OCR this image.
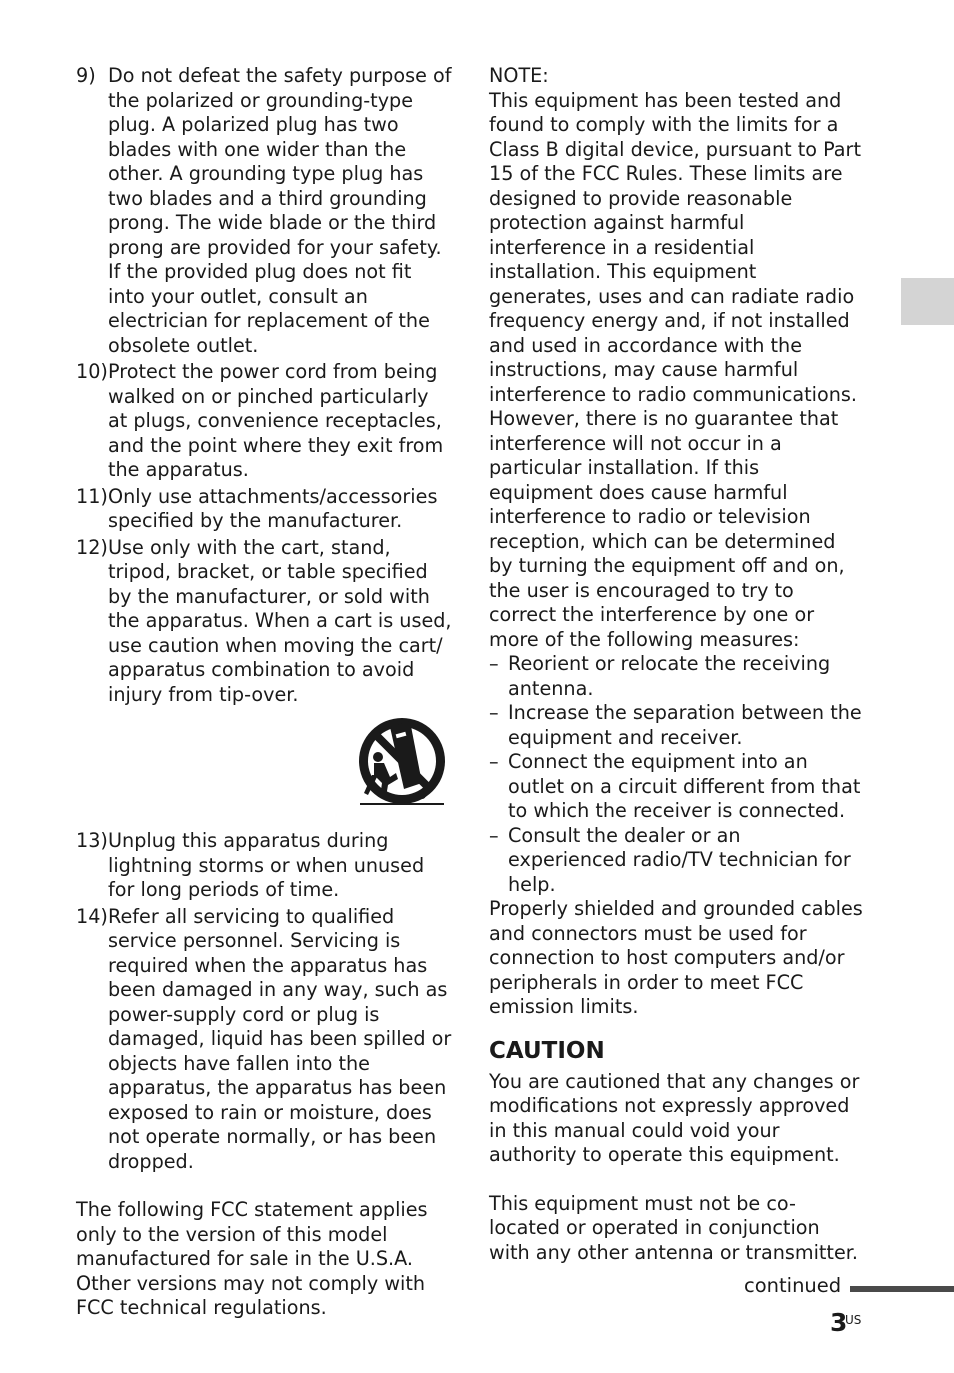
9) Do not defeat the safety purpose of the polarized or grounding-type plug. A polarized plug has two blades with one wider than the other. A grounding type plug has two blades and a third grounding prong. The wide blade or the third prong are provided for your safety. If the provided plug does not fit into your outlet, consult an electrician for replacement of the obsolete outlet.
10) Protect the power cord from being walked on or pinched particularly at plugs, convenience receptacles, and the point where they exit from the apparatus.
11) Only use attachments/accessories specified by the manufacturer.
12) Use only with the cart, stand, tripod, bracket, or table specified by the manufacturer, or sold with the apparatus. When a cart is used, use caution when moving the cart/ apparatus combination to avoid injury from tip-over.
13) Unplug this apparatus during lightning storms or when unused for long periods of time.
14) Refer all servicing to qualified service personnel. Servicing is required when the apparatus has been damaged in any way, such as power-supply cord or plug is damaged, liquid has been spilled or objects have fallen into the apparatus, the apparatus has been exposed to rain or moisture, does not operate normally, or has been dropped.

The following FCC statement applies only to the version of this model manufactured for sale in the U.S.A. Other versions may not comply with FCC technical regulations.

NOTE:

This equipment has been tested and found to comply with the limits for a Class B digital device, pursuant to Part 15 of the FCC Rules. These limits are designed to provide reasonable protection against harmful interference in a residential installation. This equipment generates, uses and can radiate radio frequency energy and, if not installed and used in accordance with the instructions, may cause harmful interference to radio communications. However, there is no guarantee that interference will not occur in a particular installation. If this equipment does cause harmful interference to radio or television reception, which can be determined by turning the equipment off and on, the user is encouraged to try to correct the interference by one or more of the following measures:

– Reorient or relocate the receiving antenna.
– Increase the separation between the equipment and receiver.
– Connect the equipment into an outlet on a circuit different from that to which the receiver is connected.
– Consult the dealer or an experienced radio/TV technician for help.

Properly shielded and grounded cables and connectors must be used for connection to host computers and/or peripherals in order to meet FCC emission limits.

CAUTION

You are cautioned that any changes or modifications not expressly approved in this manual could void your authority to operate this equipment.

This equipment must not be co-located or operated in conjunction with any other antenna or transmitter.

continued
3
US
